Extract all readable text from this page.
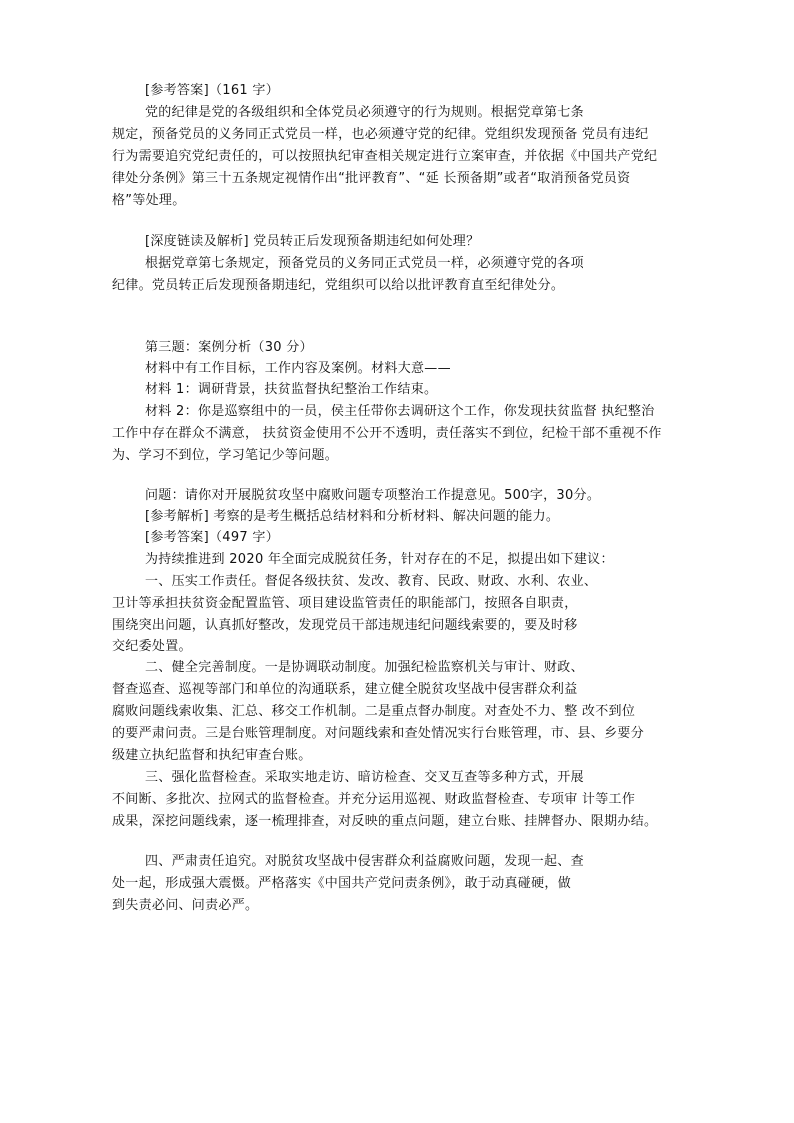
[参考答案]（161 字）

党的纪律是党的各级组织和全体党员必须遵守的行为规则。根据党章第七条

规定，预备党员的义务同正式党员一样，也必须遵守党的纪律。党组织发现预备 党员有违纪

行为需要追究党纪责任的，可以按照执纪审查相关规定进行立案审查，并依据《中国共产党纪

律处分条例》第三十五条规定视情作出“批评教育”、“延 长预备期”或者“取消预备党员资

格”等处理。

[深度链读及解析] 党员转正后发现预备期违纪如何处理？

根据党章第七条规定，预备党员的义务同正式党员一样，必须遵守党的各项

纪律。党员转正后发现预备期违纪，党组织可以给以批评教育直至纪律处分。

第三题：案例分析（30 分）

材料中有工作目标，工作内容及案例。材料大意——

材料 1：调研背景，扶贫监督执纪整治工作结束。

材料 2：你是巡察组中的一员，侯主任带你去调研这个工作，你发现扶贫监督 执纪整治

工作中存在群众不满意， 扶贫资金使用不公开不透明，责任落实不到位，纪检干部不重视不作

为、学习不到位，学习笔记少等问题。

问题：请你对开展脱贫攻坚中腐败问题专项整治工作提意见。500字，30分。

[参考解析] 考察的是考生概括总结材料和分析材料、解决问题的能力。

[参考答案]（497 字）

为持续推进到 2020 年全面完成脱贫任务，针对存在的不足，拟提出如下建议：

一、压实工作责任。督促各级扶贫、发改、教育、民政、财政、水利、农业、

卫计等承担扶贫资金配置监管、项目建设监管责任的职能部门，按照各自职责，

围绕突出问题，认真抓好整改，发现党员干部违规违纪问题线索要的，要及时移

交纪委处置。

二、健全完善制度。一是协调联动制度。加强纪检监察机关与审计、财政、

督查巡查、巡视等部门和单位的沟通联系，建立健全脱贫攻坚战中侵害群众利益

腐败问题线索收集、汇总、移交工作机制。二是重点督办制度。对查处不力、整 改不到位

的要严肃问责。三是台账管理制度。对问题线索和查处情况实行台账管理，市、县、乡要分

级建立执纪监督和执纪审查台账。

三、强化监督检查。采取实地走访、暗访检查、交叉互查等多种方式，开展

不间断、多批次、拉网式的监督检查。并充分运用巡视、财政监督检查、专项审 计等工作

成果，深挖问题线索，逐一梳理排查，对反映的重点问题，建立台账、挂牌督办、限期办结。

四、严肃责任追究。对脱贫攻坚战中侵害群众利益腐败问题，发现一起、查

处一起，形成强大震慑。严格落实《中国共产党问责条例》，敢于动真碰硬，做

到失责必问、问责必严。
